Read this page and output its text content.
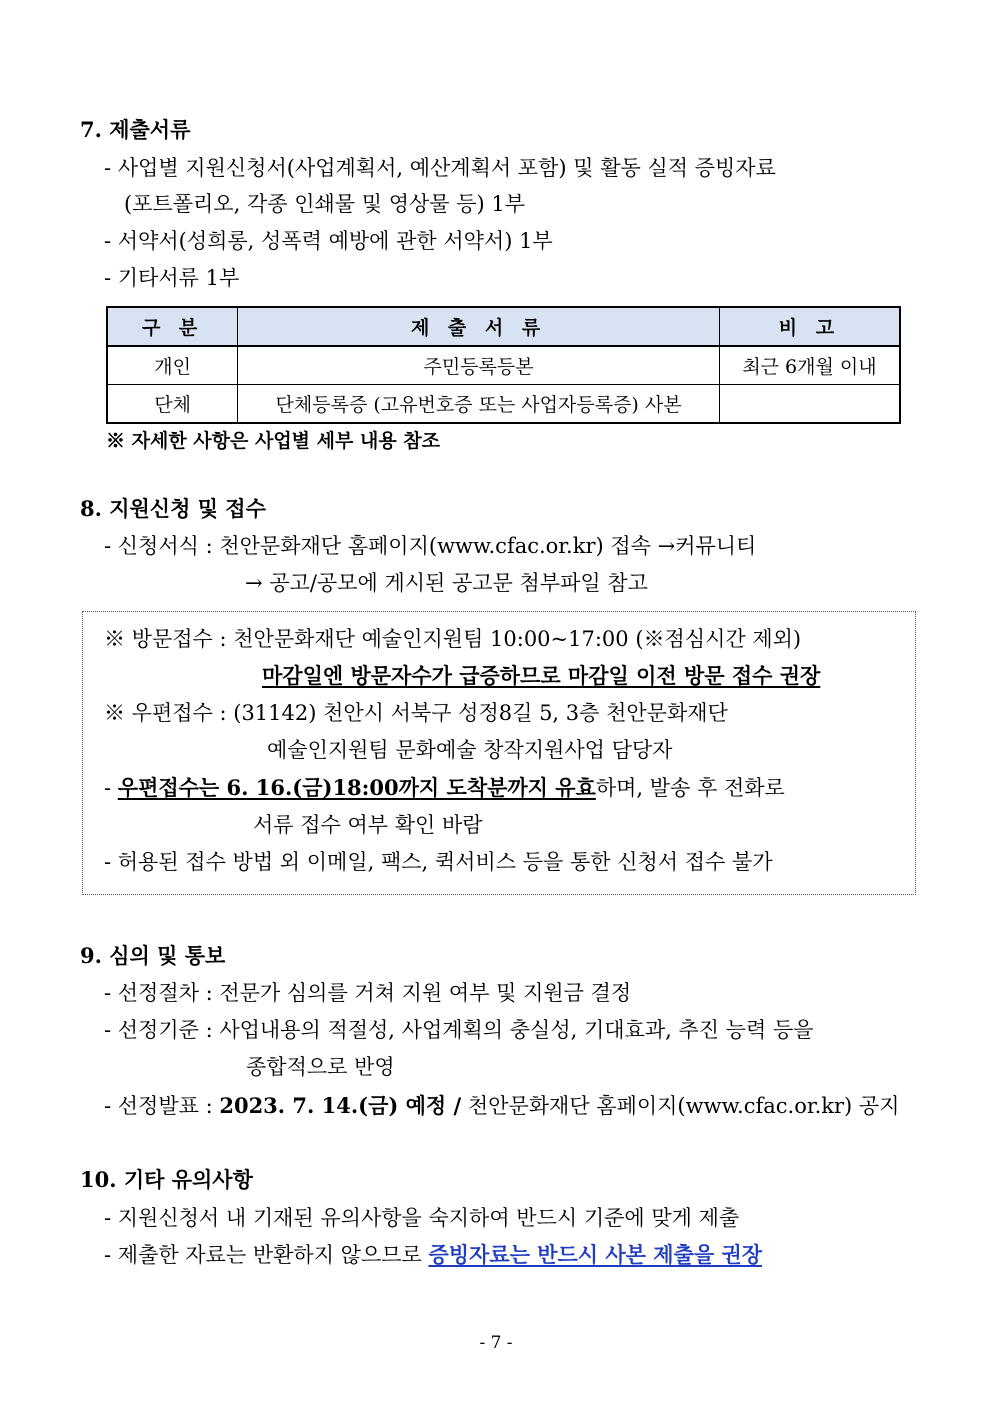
7. 제출서류
- 사업별 지원신청서(사업계획서, 예산계획서 포함) 및 활동 실적 증빙자료
(포트폴리오, 각종 인쇄물 및 영상물 등) 1부
- 서약서(성희롱, 성폭력 예방에 관한 서약서) 1부
- 기타서류 1부
구 분	제 출 서 류	비 고
개인	주민등록등본	최근 6개월 이내
단체	단체등록증 (고유번호증 또는 사업자등록증) 사본	
※ 자세한 사항은 사업별 세부 내용 참조
8. 지원신청 및 접수
- 신청서식 : 천안문화재단 홈페이지(www.cfac.or.kr) 접속 →커뮤니티
→ 공고/공모에 게시된 공고문 첨부파일 참고
※ 방문접수 : 천안문화재단 예술인지원팀 10:00~17:00 (※점심시간 제외)
마감일엔 방문자수가 급증하므로 마감일 이전 방문 접수 권장
※ 우편접수 : (31142) 천안시 서북구 성정8길 5, 3층 천안문화재단
예술인지원팀 문화예술 창작지원사업 담당자
- 우편접수는 6. 16.(금)18:00까지 도착분까지 유효하며, 발송 후 전화로
서류 접수 여부 확인 바람
- 허용된 접수 방법 외 이메일, 팩스, 퀵서비스 등을 통한 신청서 접수 불가
9. 심의 및 통보
- 선정절차 : 전문가 심의를 거쳐 지원 여부 및 지원금 결정
- 선정기준 : 사업내용의 적절성, 사업계획의 충실성, 기대효과, 추진 능력 등을
종합적으로 반영
- 선정발표 : 2023. 7. 14.(금) 예정 / 천안문화재단 홈페이지(www.cfac.or.kr) 공지
10. 기타 유의사항
- 지원신청서 내 기재된 유의사항을 숙지하여 반드시 기준에 맞게 제출
- 제출한 자료는 반환하지 않으므로 증빙자료는 반드시 사본 제출을 권장
- 7 -
